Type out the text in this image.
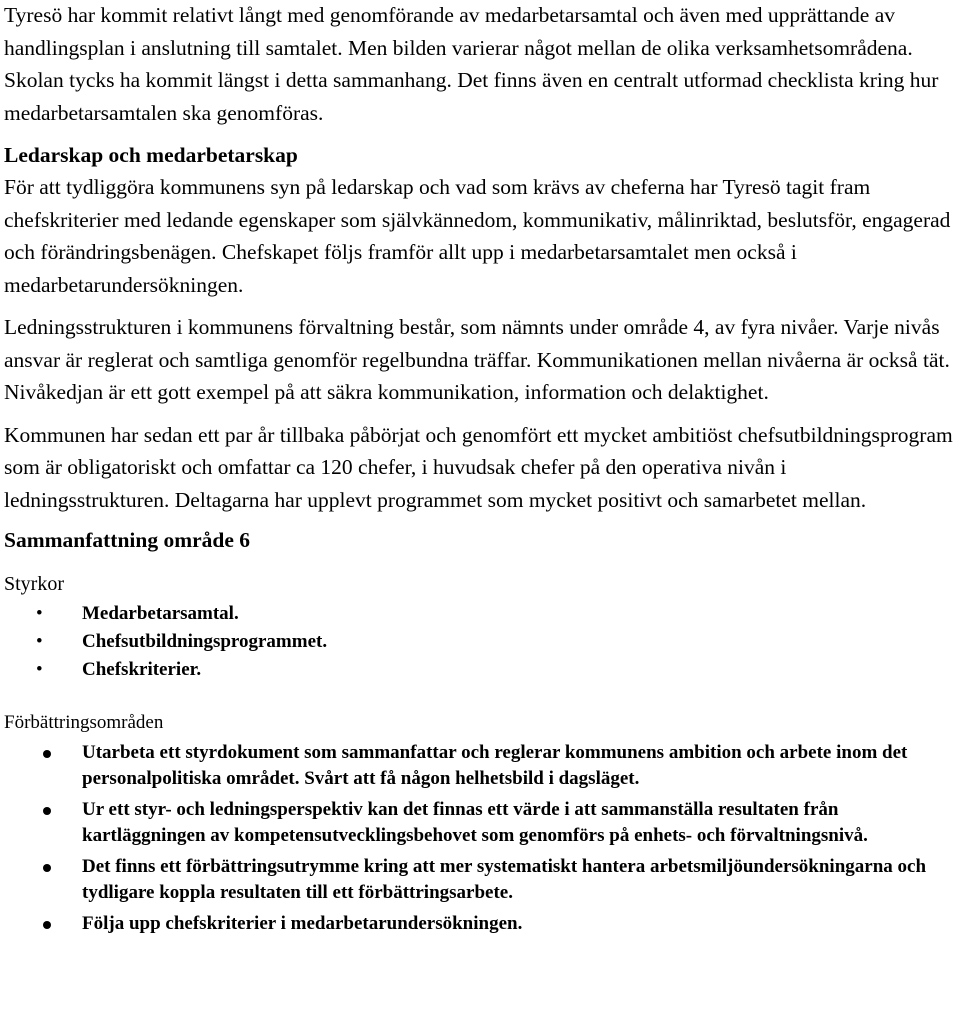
Tyresö har kommit relativt långt med genomförande av medarbetarsamtal och även med upprättande av handlingsplan i anslutning till samtalet. Men bilden varierar något mellan de olika verksamhetsområdena. Skolan tycks ha kommit längst i detta sammanhang. Det finns även en centralt utformad checklista kring hur medarbetarsamtalen ska genomföras.

Ledarskap och medarbetarskap

För att tydliggöra kommunens syn på ledarskap och vad som krävs av cheferna har Tyresö tagit fram chefskriterier med ledande egenskaper som självkännedom, kommunikativ, målinriktad, beslutsför, engagerad och förändringsbenägen. Chefskapet följs framför allt upp i medarbetarsamtalet men också i medarbetarundersökningen.

Ledningsstrukturen i kommunens förvaltning består, som nämnts under område 4, av fyra nivåer. Varje nivås ansvar är reglerat och samtliga genomför regelbundna träffar. Kommunikationen mellan nivåerna är också tät. Nivåkedjan är ett gott exempel på att säkra kommunikation, information och delaktighet.

Kommunen har sedan ett par år tillbaka påbörjat och genomfört ett mycket ambitiöst chefsutbildningsprogram som är obligatoriskt och omfattar ca 120 chefer, i huvudsak chefer på den operativa nivån i ledningsstrukturen. Deltagarna har upplevt programmet som mycket positivt och samarbetet mellan.

Sammanfattning område 6
Styrkor
• Medarbetarsamtal.
• Chefsutbildningsprogrammet.
• Chefskriterier.
Förbättringsområden
Utarbeta ett styrdokument som sammanfattar och reglerar kommunens ambition och arbete inom det personalpolitiska området. Svårt att få någon helhetsbild i dagsläget.
Ur ett styr- och ledningsperspektiv kan det finnas ett värde i att sammanställa resultaten från kartläggningen av kompetensutvecklingsbehovet som genomförs på enhets- och förvaltningsnivå.
Det finns ett förbättringsutrymme kring att mer systematiskt hantera arbetsmiljöundersökningarna och tydligare koppla resultaten till ett förbättringsarbete.
Följa upp chefskriterier i medarbetarundersökningen.
